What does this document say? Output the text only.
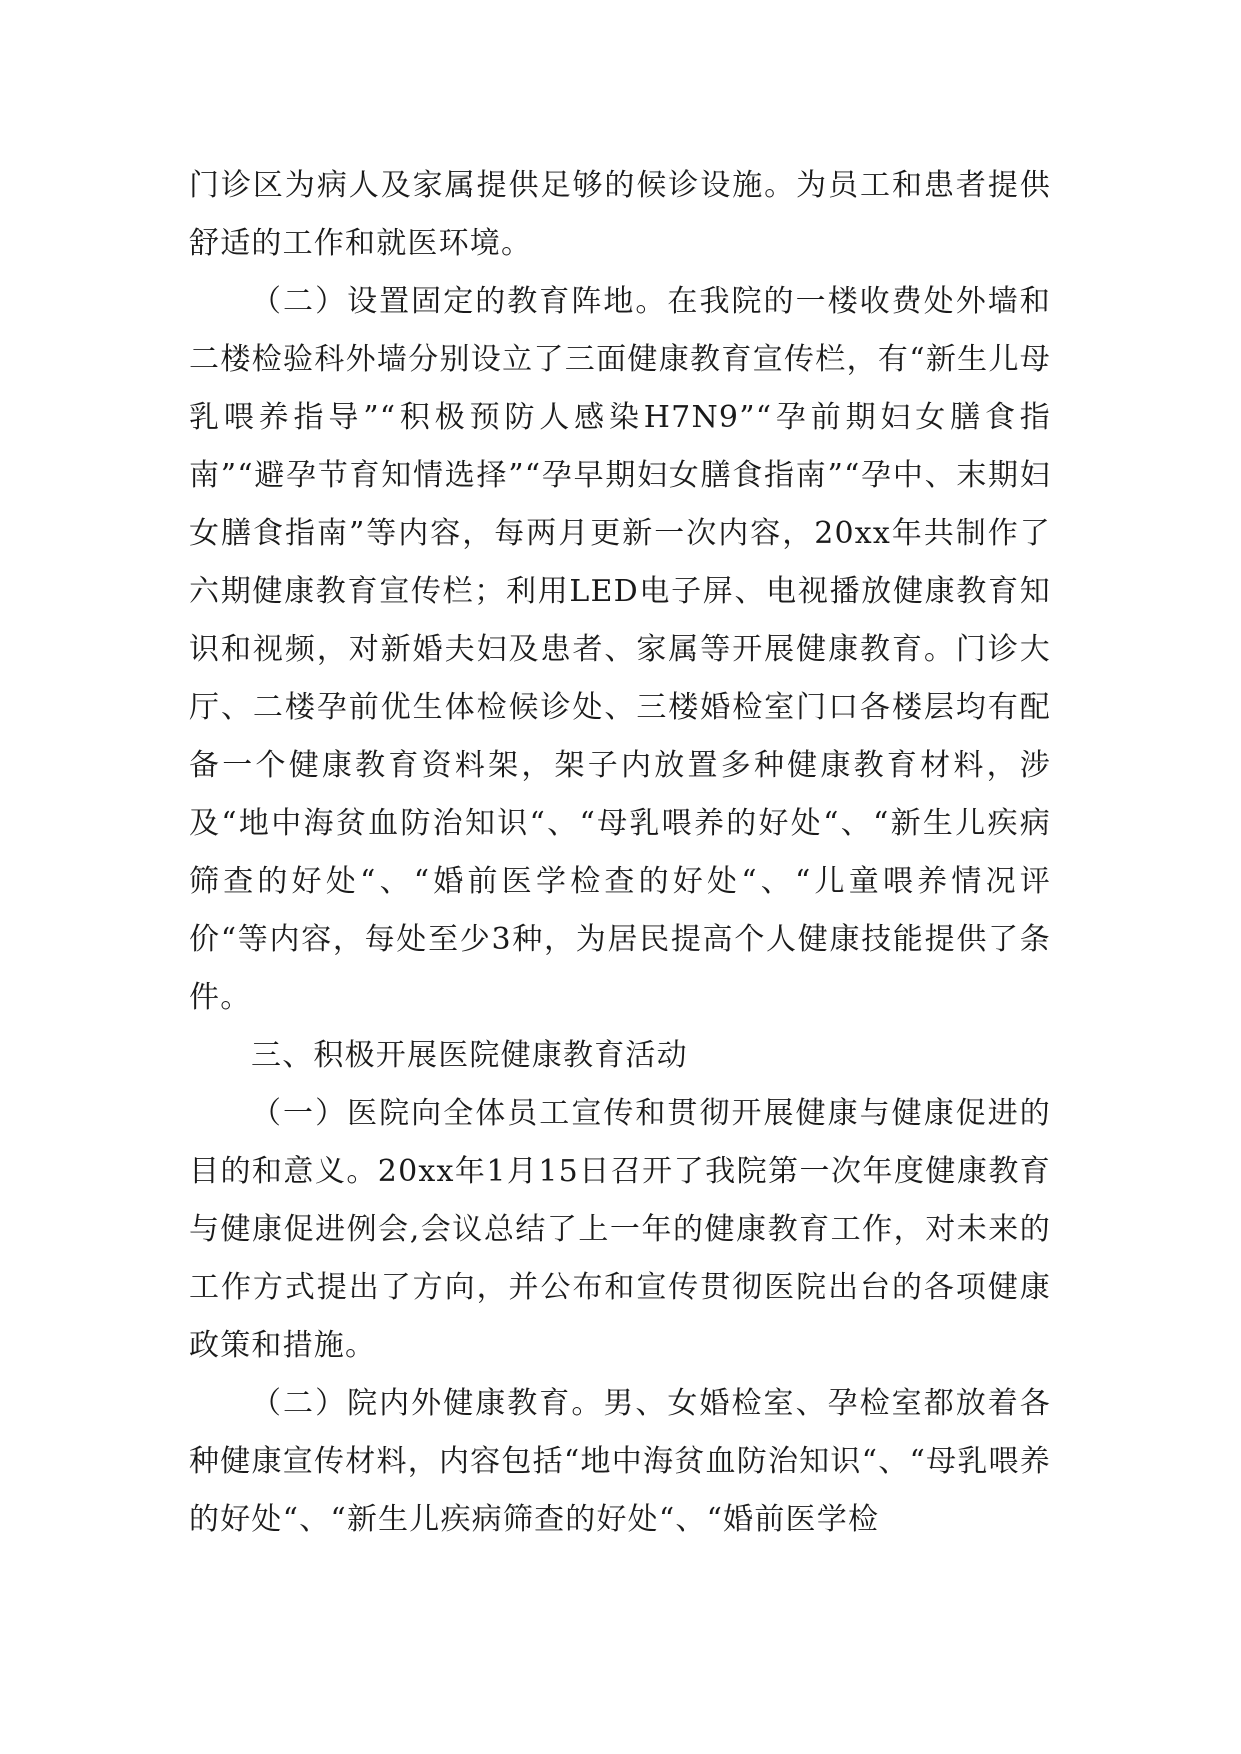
门诊区为病人及家属提供足够的候诊设施。为员工和患者提供舒适的工作和就医环境。

（二）设置固定的教育阵地。在我院的一楼收费处外墙和二楼检验科外墙分别设立了三面健康教育宣传栏，有“新生儿母乳喂养指导”“积极预防人感染H7N9”“孕前期妇女膳食指南”“避孕节育知情选择”“孕早期妇女膳食指南”“孕中、末期妇女膳食指南”等内容，每两月更新一次内容，20xx年共制作了六期健康教育宣传栏；利用LED电子屏、电视播放健康教育知识和视频，对新婚夫妇及患者、家属等开展健康教育。门诊大厅、二楼孕前优生体检候诊处、三楼婚检室门口各楼层均有配备一个健康教育资料架，架子内放置多种健康教育材料，涉及“地中海贫血防治知识“、“母乳喂养的好处“、“新生儿疾病筛查的好处“、“婚前医学检查的好处“、“儿童喂养情况评价“等内容，每处至少3种，为居民提高个人健康技能提供了条件。

三、积极开展医院健康教育活动

（一）医院向全体员工宣传和贯彻开展健康与健康促进的目的和意义。20xx年1月15日召开了我院第一次年度健康教育与健康促进例会,会议总结了上一年的健康教育工作，对未来的工作方式提出了方向，并公布和宣传贯彻医院出台的各项健康政策和措施。

（二）院内外健康教育。男、女婚检室、孕检室都放着各种健康宣传材料，内容包括“地中海贫血防治知识“、“母乳喂养的好处“、“新生儿疾病筛查的好处“、“婚前医学检
